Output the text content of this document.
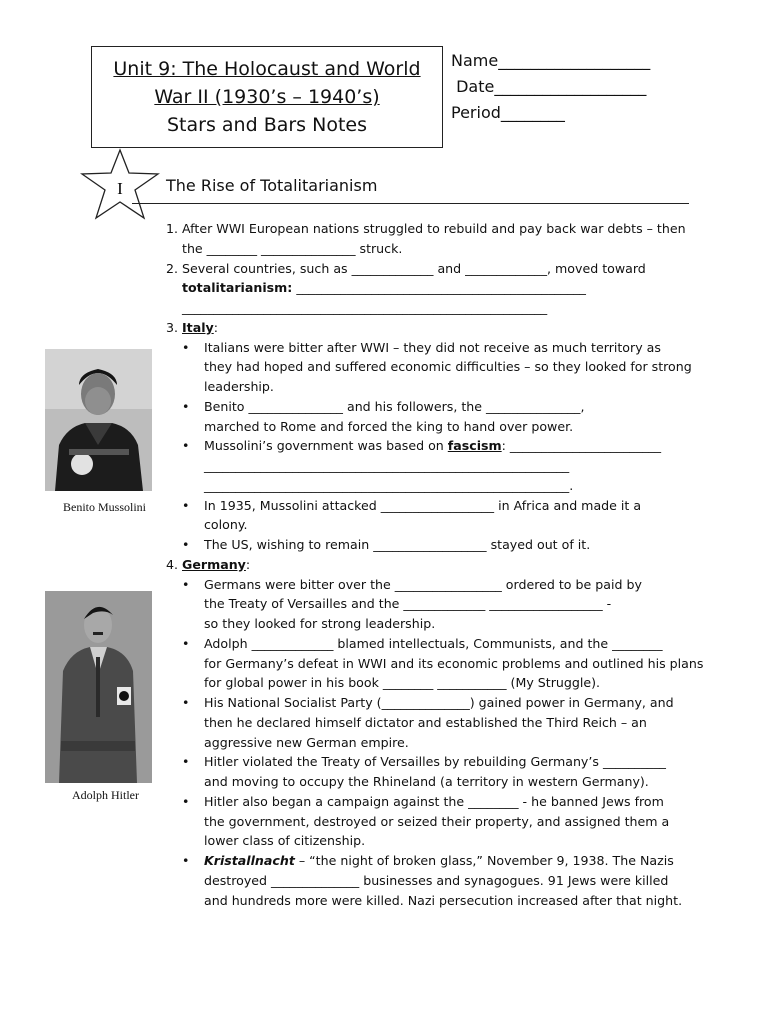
Unit 9: The Holocaust and World
War II (1930’s – 1940’s)
Stars and Bars Notes
Name___________________
Date___________________
Period________
I	The Rise of Totalitarianism
Benito Mussolini
Adolph Hitler
1. After WWI European nations struggled to rebuild and pay back war debts – then
the ________ _______________ struck.
2. Several countries, such as _____________ and _____________, moved toward
totalitarianism: ______________________________________________
__________________________________________________________
3. Italy:
• Italians were bitter after WWI – they did not receive as much territory as
they had hoped and suffered economic difficulties – so they looked for strong
leadership.
• Benito _______________ and his followers, the _______________,
marched to Rome and forced the king to hand over power.
• Mussolini’s government was based on fascism: ________________________
__________________________________________________________
__________________________________________________________.
• In 1935, Mussolini attacked __________________ in Africa and made it a
colony.
• The US, wishing to remain __________________ stayed out of it.
4. Germany:
• Germans were bitter over the _________________ ordered to be paid by
the Treaty of Versailles and the _____________ __________________ -
so they looked for strong leadership.
• Adolph _____________ blamed intellectuals, Communists, and the ________
for Germany’s defeat in WWI and its economic problems and outlined his plans
for global power in his book ________ ___________ (My Struggle).
• His National Socialist Party (______________) gained power in Germany, and
then he declared himself dictator and established the Third Reich – an
aggressive new German empire.
• Hitler violated the Treaty of Versailles by rebuilding Germany’s __________
and moving to occupy the Rhineland (a territory in western Germany).
• Hitler also began a campaign against the ________ - he banned Jews from
the government, destroyed or seized their property, and assigned them a
lower class of citizenship.
• Kristallnacht – “the night of broken glass,” November 9, 1938. The Nazis
destroyed ______________ businesses and synagogues. 91 Jews were killed
and hundreds more were killed. Nazi persecution increased after that night.
